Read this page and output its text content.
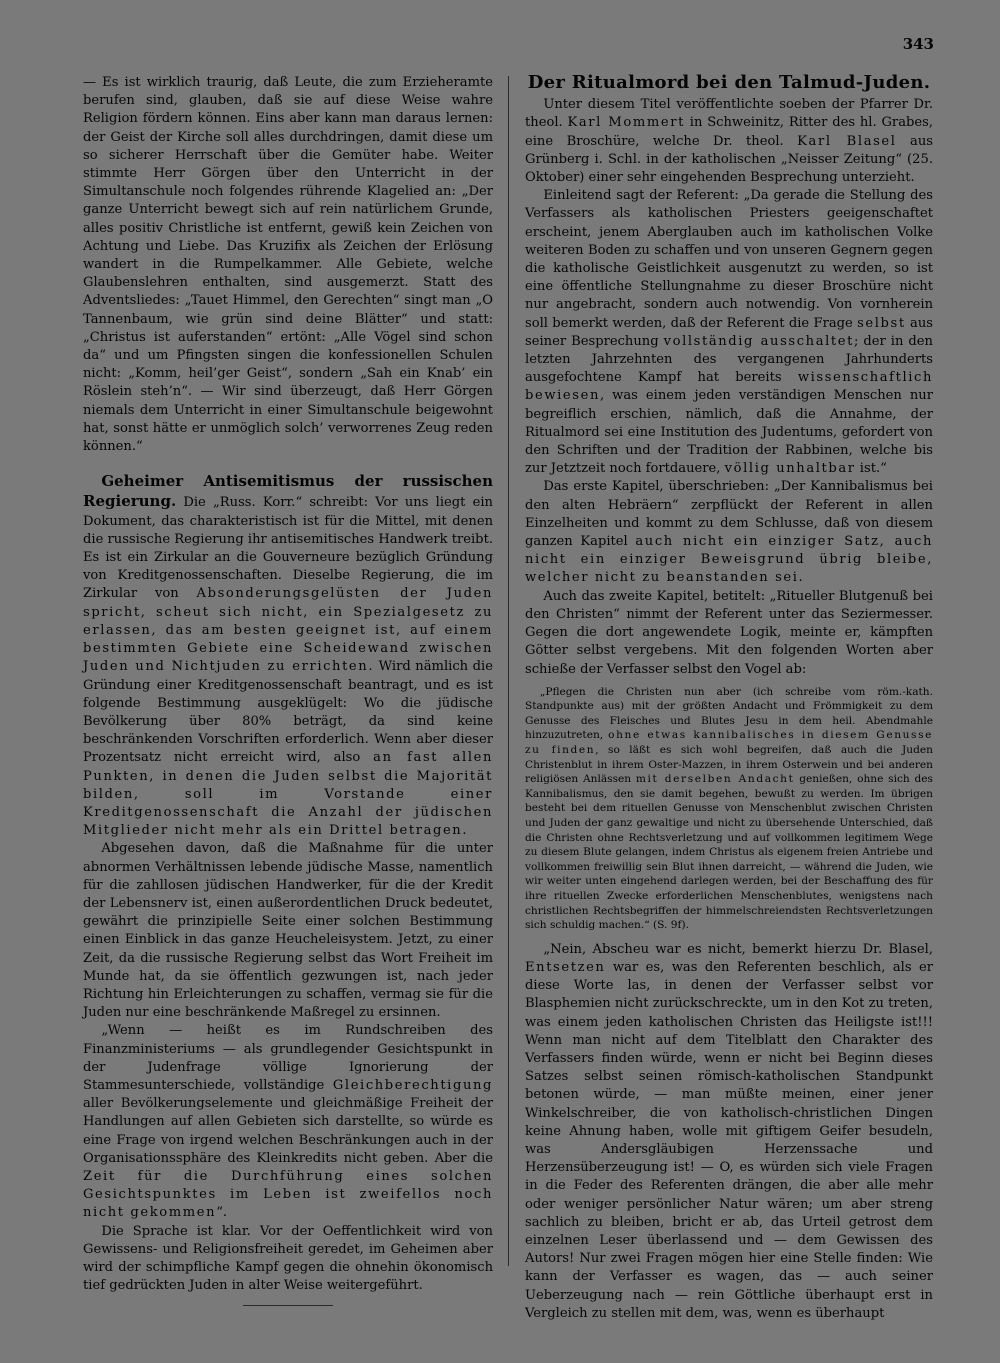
343

— Es ist wirklich traurig, daß Leute, die zum Erzieheramte berufen sind, glauben, daß sie auf diese Weise wahre Religion fördern können. Eins aber kann man daraus lernen: der Geist der Kirche soll alles durchdringen, damit diese um so sicherer Herrschaft über die Gemüter habe. Weiter stimmte Herr Görgen über den Unterricht in der Simultanschule noch folgendes rührende Klagelied an: „Der ganze Unterricht bewegt sich auf rein natürlichem Grunde, alles positiv Christliche ist entfernt, gewiß kein Zeichen von Achtung und Liebe. Das Kruzifix als Zeichen der Erlösung wandert in die Rumpelkammer. Alle Gebiete, welche Glaubenslehren enthalten, sind ausgemerzt. Statt des Adventsliedes: „Tauet Himmel, den Gerechten“ singt man „O Tannenbaum, wie grün sind deine Blätter“ und statt: „Christus ist auferstanden“ ertönt: „Alle Vögel sind schon da“ und um Pfingsten singen die konfessionellen Schulen nicht: „Komm, heil’ger Geist“, sondern „Sah ein Knab’ ein Röslein steh’n“. — Wir sind überzeugt, daß Herr Görgen niemals dem Unterricht in einer Simultanschule beigewohnt hat, sonst hätte er unmöglich solch’ verworrenes Zeug reden können.“

Geheimer Antisemitismus der russischen Regierung. Die „Russ. Korr.“ schreibt: Vor uns liegt ein Dokument, das charakteristisch ist für die Mittel, mit denen die russische Regierung ihr antisemitisches Handwerk treibt. Es ist ein Zirkular an die Gouverneure bezüglich Gründung von Kreditgenossenschaften. Dieselbe Regierung, die im Zirkular von Absonderungsgelüsten der Juden spricht, scheut sich nicht, ein Spezialgesetz zu erlassen, das am besten geeignet ist, auf einem bestimmten Gebiete eine Scheidewand zwischen Juden und Nichtjuden zu errichten. Wird nämlich die Gründung einer Kreditgenossenschaft beantragt, und es ist folgende Bestimmung ausgeklügelt: Wo die jüdische Bevölkerung über 80% beträgt, da sind keine beschränkenden Vorschriften erforderlich. Wenn aber dieser Prozentsatz nicht erreicht wird, also an fast allen Punkten, in denen die Juden selbst die Majorität bilden, soll im Vorstande einer Kreditgenossenschaft die Anzahl der jüdischen Mitglieder nicht mehr als ein Drittel betragen.

Abgesehen davon, daß die Maßnahme für die unter abnormen Verhältnissen lebende jüdische Masse, namentlich für die zahllosen jüdischen Handwerker, für die der Kredit der Lebensnerv ist, einen außerordentlichen Druck bedeutet, gewährt die prinzipielle Seite einer solchen Bestimmung einen Einblick in das ganze Heucheleisystem. Jetzt, zu einer Zeit, da die russische Regierung selbst das Wort Freiheit im Munde hat, da sie öffentlich gezwungen ist, nach jeder Richtung hin Erleichterungen zu schaffen, vermag sie für die Juden nur eine beschränkende Maßregel zu ersinnen.

„Wenn — heißt es im Rundschreiben des Finanzministeriums — als grundlegender Gesichtspunkt in der Judenfrage völlige Ignorierung der Stammesunterschiede, vollständige Gleichberechtigung aller Bevölkerungselemente und gleichmäßige Freiheit der Handlungen auf allen Gebieten sich darstellte, so würde es eine Frage von irgend welchen Beschränkungen auch in der Organisationssphäre des Kleinkredits nicht geben. Aber die Zeit für die Durchführung eines solchen Gesichtspunktes im Leben ist zweifellos noch nicht gekommen“.

Die Sprache ist klar. Vor der Oeffentlichkeit wird von Gewissens- und Religionsfreiheit geredet, im Geheimen aber wird der schimpfliche Kampf gegen die ohnehin ökonomisch tief gedrückten Juden in alter Weise weitergeführt.

Der Ritualmord bei den Talmud-Juden.

Unter diesem Titel veröffentlichte soeben der Pfarrer Dr. theol. Karl Mommert in Schweinitz, Ritter des hl. Grabes, eine Broschüre, welche Dr. theol. Karl Blasel aus Grünberg i. Schl. in der katholischen „Neisser Zeitung“ (25. Oktober) einer sehr eingehenden Besprechung unterzieht.

Einleitend sagt der Referent: „Da gerade die Stellung des Verfassers als katholischen Priesters geeigenschaftet erscheint, jenem Aberglauben auch im katholischen Volke weiteren Boden zu schaffen und von unseren Gegnern gegen die katholische Geistlichkeit ausgenutzt zu werden, so ist eine öffentliche Stellungnahme zu dieser Broschüre nicht nur angebracht, sondern auch notwendig. Von vornherein soll bemerkt werden, daß der Referent die Frage selbst aus seiner Besprechung vollständig ausschaltet; der in den letzten Jahrzehnten des vergangenen Jahrhunderts ausgefochtene Kampf hat bereits wissenschaftlich bewiesen, was einem jeden verständigen Menschen nur begreiflich erschien, nämlich, daß die Annahme, der Ritualmord sei eine Institution des Judentums, gefordert von den Schriften und der Tradition der Rabbinen, welche bis zur Jetztzeit noch fortdauere, völlig unhaltbar ist.“

Das erste Kapitel, überschrieben: „Der Kannibalismus bei den alten Hebräern“ zerpflückt der Referent in allen Einzelheiten und kommt zu dem Schlusse, daß von diesem ganzen Kapitel auch nicht ein einziger Satz, auch nicht ein einziger Beweisgrund übrig bleibe, welcher nicht zu beanstanden sei.

Auch das zweite Kapitel, betitelt: „Ritueller Blutgenuß bei den Christen“ nimmt der Referent unter das Seziermesser. Gegen die dort angewendete Logik, meinte er, kämpften Götter selbst vergebens. Mit den folgenden Worten aber schieße der Verfasser selbst den Vogel ab:

„Pflegen die Christen nun aber (ich schreibe vom röm.-kath. Standpunkte aus) mit der größten Andacht und Frömmigkeit zu dem Genusse des Fleisches und Blutes Jesu in dem heil. Abendmahle hinzuzutreten, ohne etwas kannibalisches in diesem Genusse zu finden, so läßt es sich wohl begreifen, daß auch die Juden Christenblut in ihrem Oster-Mazzen, in ihrem Osterwein und bei anderen religiösen Anlässen mit derselben Andacht genießen, ohne sich des Kannibalismus, den sie damit begehen, bewußt zu werden. Im übrigen besteht bei dem rituellen Genusse von Menschenblut zwischen Christen und Juden der ganz gewaltige und nicht zu übersehende Unterschied, daß die Christen ohne Rechtsverletzung und auf vollkommen legitimem Wege zu diesem Blute gelangen, indem Christus als eigenem freien Antriebe und vollkommen freiwillig sein Blut ihnen darreicht, — während die Juden, wie wir weiter unten eingehend darlegen werden, bei der Beschaffung des für ihre rituellen Zwecke erforderlichen Menschenblutes, wenigstens nach christlichen Rechtsbegriffen der himmelschreiendsten Rechtsverletzungen sich schuldig machen.“ (S. 9f).

„Nein, Abscheu war es nicht, bemerkt hierzu Dr. Blasel, Entsetzen war es, was den Referenten beschlich, als er diese Worte las, in denen der Verfasser selbst vor Blasphemien nicht zurückschreckte, um in den Kot zu treten, was einem jeden katholischen Christen das Heiligste ist!!! Wenn man nicht auf dem Titelblatt den Charakter des Verfassers finden würde, wenn er nicht bei Beginn dieses Satzes selbst seinen römisch-katholischen Standpunkt betonen würde, — man müßte meinen, einer jener Winkelschreiber, die von katholisch-christlichen Dingen keine Ahnung haben, wolle mit giftigem Geifer besudeln, was Andersgläubigen Herzenssache und Herzensüberzeugung ist! — O, es würden sich viele Fragen in die Feder des Referenten drängen, die aber alle mehr oder weniger persönlicher Natur wären; um aber streng sachlich zu bleiben, bricht er ab, das Urteil getrost dem einzelnen Leser überlassend und — dem Gewissen des Autors! Nur zwei Fragen mögen hier eine Stelle finden: Wie kann der Verfasser es wagen, das — auch seiner Ueberzeugung nach — rein Göttliche überhaupt erst in Vergleich zu stellen mit dem, was, wenn es überhaupt
